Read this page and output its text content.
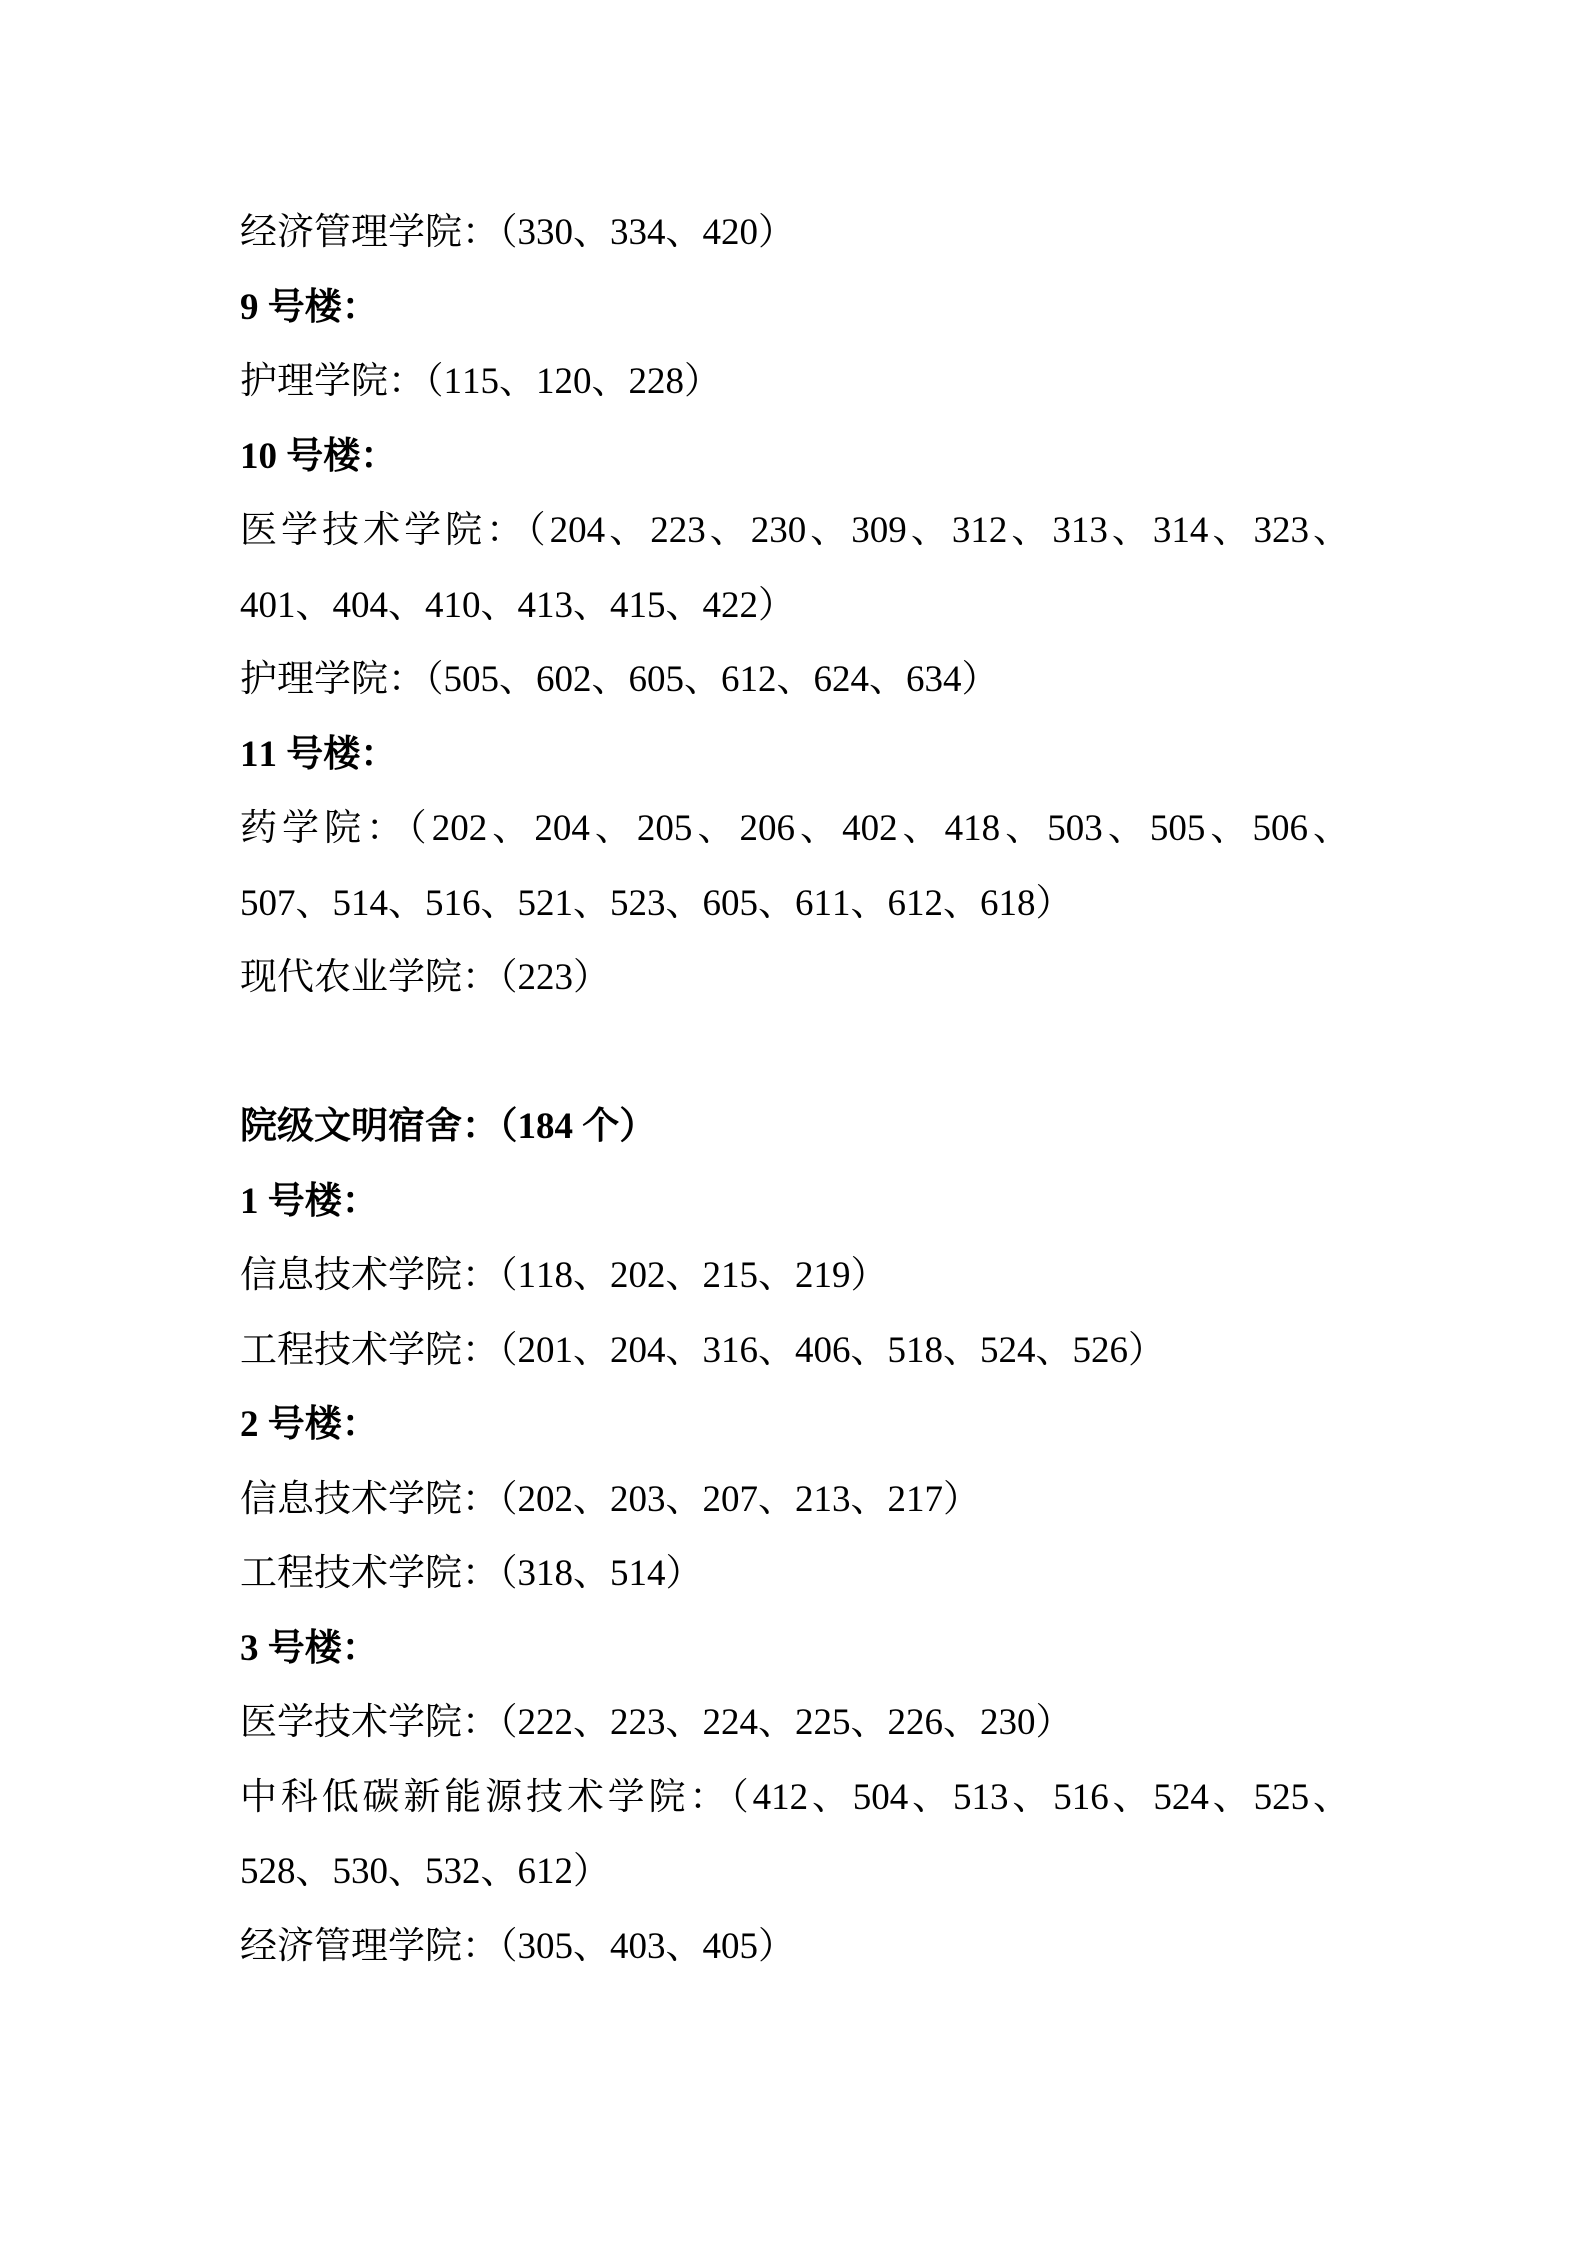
经济管理学院：（330、334、420）

9 号楼：

护理学院：（115、120、228）

10 号楼：

医学技术学院：（204、223、230、309、312、313、314、323、

401、404、410、413、415、422）

护理学院：（505、602、605、612、624、634）

11 号楼：

药学院：（202、204、205、206、402、418、503、505、506、

507、514、516、521、523、605、611、612、618）

现代农业学院：（223）

院级文明宿舍：（184 个）

1 号楼：

信息技术学院：（118、202、215、219）

工程技术学院：（201、204、316、406、518、524、526）

2 号楼：

信息技术学院：（202、203、207、213、217）

工程技术学院：（318、514）

3 号楼：

医学技术学院：（222、223、224、225、226、230）

中科低碳新能源技术学院：（412、504、513、516、524、525、

528、530、532、612）

经济管理学院：（305、403、405）
